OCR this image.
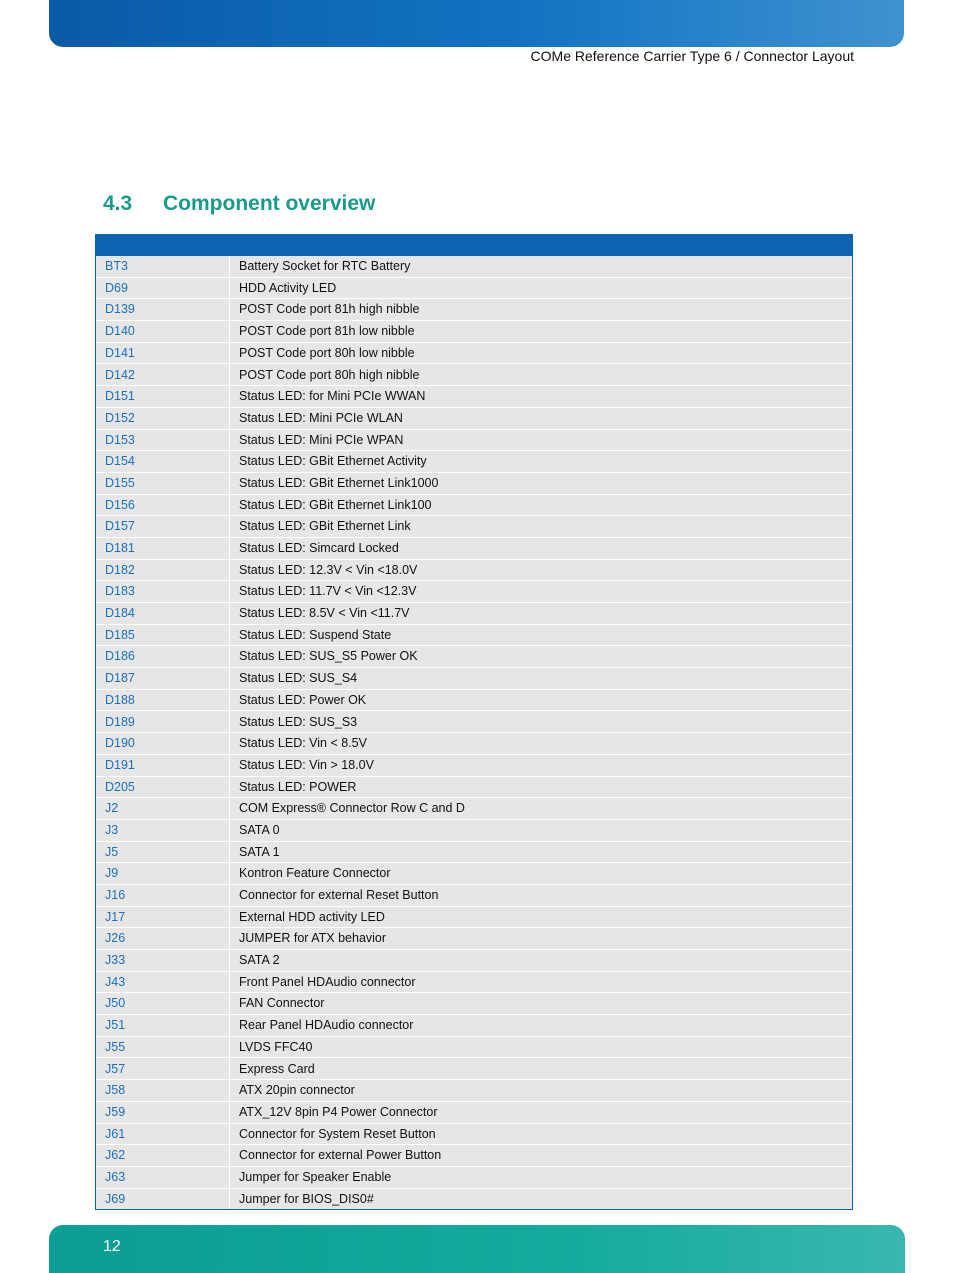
COMe Reference Carrier Type 6 / Connector Layout
4.3	Component overview
BT3	Battery Socket for RTC Battery
D69	HDD Activity LED
D139	POST Code port 81h high nibble
D140	POST Code port 81h low nibble
D141	POST Code port 80h low nibble
D142	POST Code port 80h high nibble
D151	Status LED: for Mini PCIe WWAN
D152	Status LED: Mini PCIe WLAN
D153	Status LED: Mini PCIe WPAN
D154	Status LED: GBit Ethernet Activity
D155	Status LED: GBit Ethernet Link1000
D156	Status LED: GBit Ethernet Link100
D157	Status LED: GBit Ethernet Link
D181	Status LED: Simcard Locked
D182	Status LED: 12.3V < Vin <18.0V
D183	Status LED: 11.7V < Vin <12.3V
D184	Status LED: 8.5V < Vin <11.7V
D185	Status LED: Suspend State
D186	Status LED: SUS_S5 Power OK
D187	Status LED: SUS_S4
D188	Status LED: Power OK
D189	Status LED: SUS_S3
D190	Status LED: Vin < 8.5V
D191	Status LED: Vin > 18.0V
D205	Status LED: POWER
J2	COM Express® Connector Row C and D
J3	SATA 0
J5	SATA 1
J9	Kontron Feature Connector
J16	Connector for external Reset Button
J17	External HDD activity LED
J26	JUMPER for ATX behavior
J33	SATA 2
J43	Front Panel HDAudio connector
J50	FAN Connector
J51	Rear Panel HDAudio connector
J55	LVDS FFC40
J57	Express Card
J58	ATX 20pin connector
J59	ATX_12V 8pin P4 Power Connector
J61	Connector for System Reset Button
J62	Connector for external Power Button
J63	Jumper for Speaker Enable
J69	Jumper for BIOS_DIS0#
12
